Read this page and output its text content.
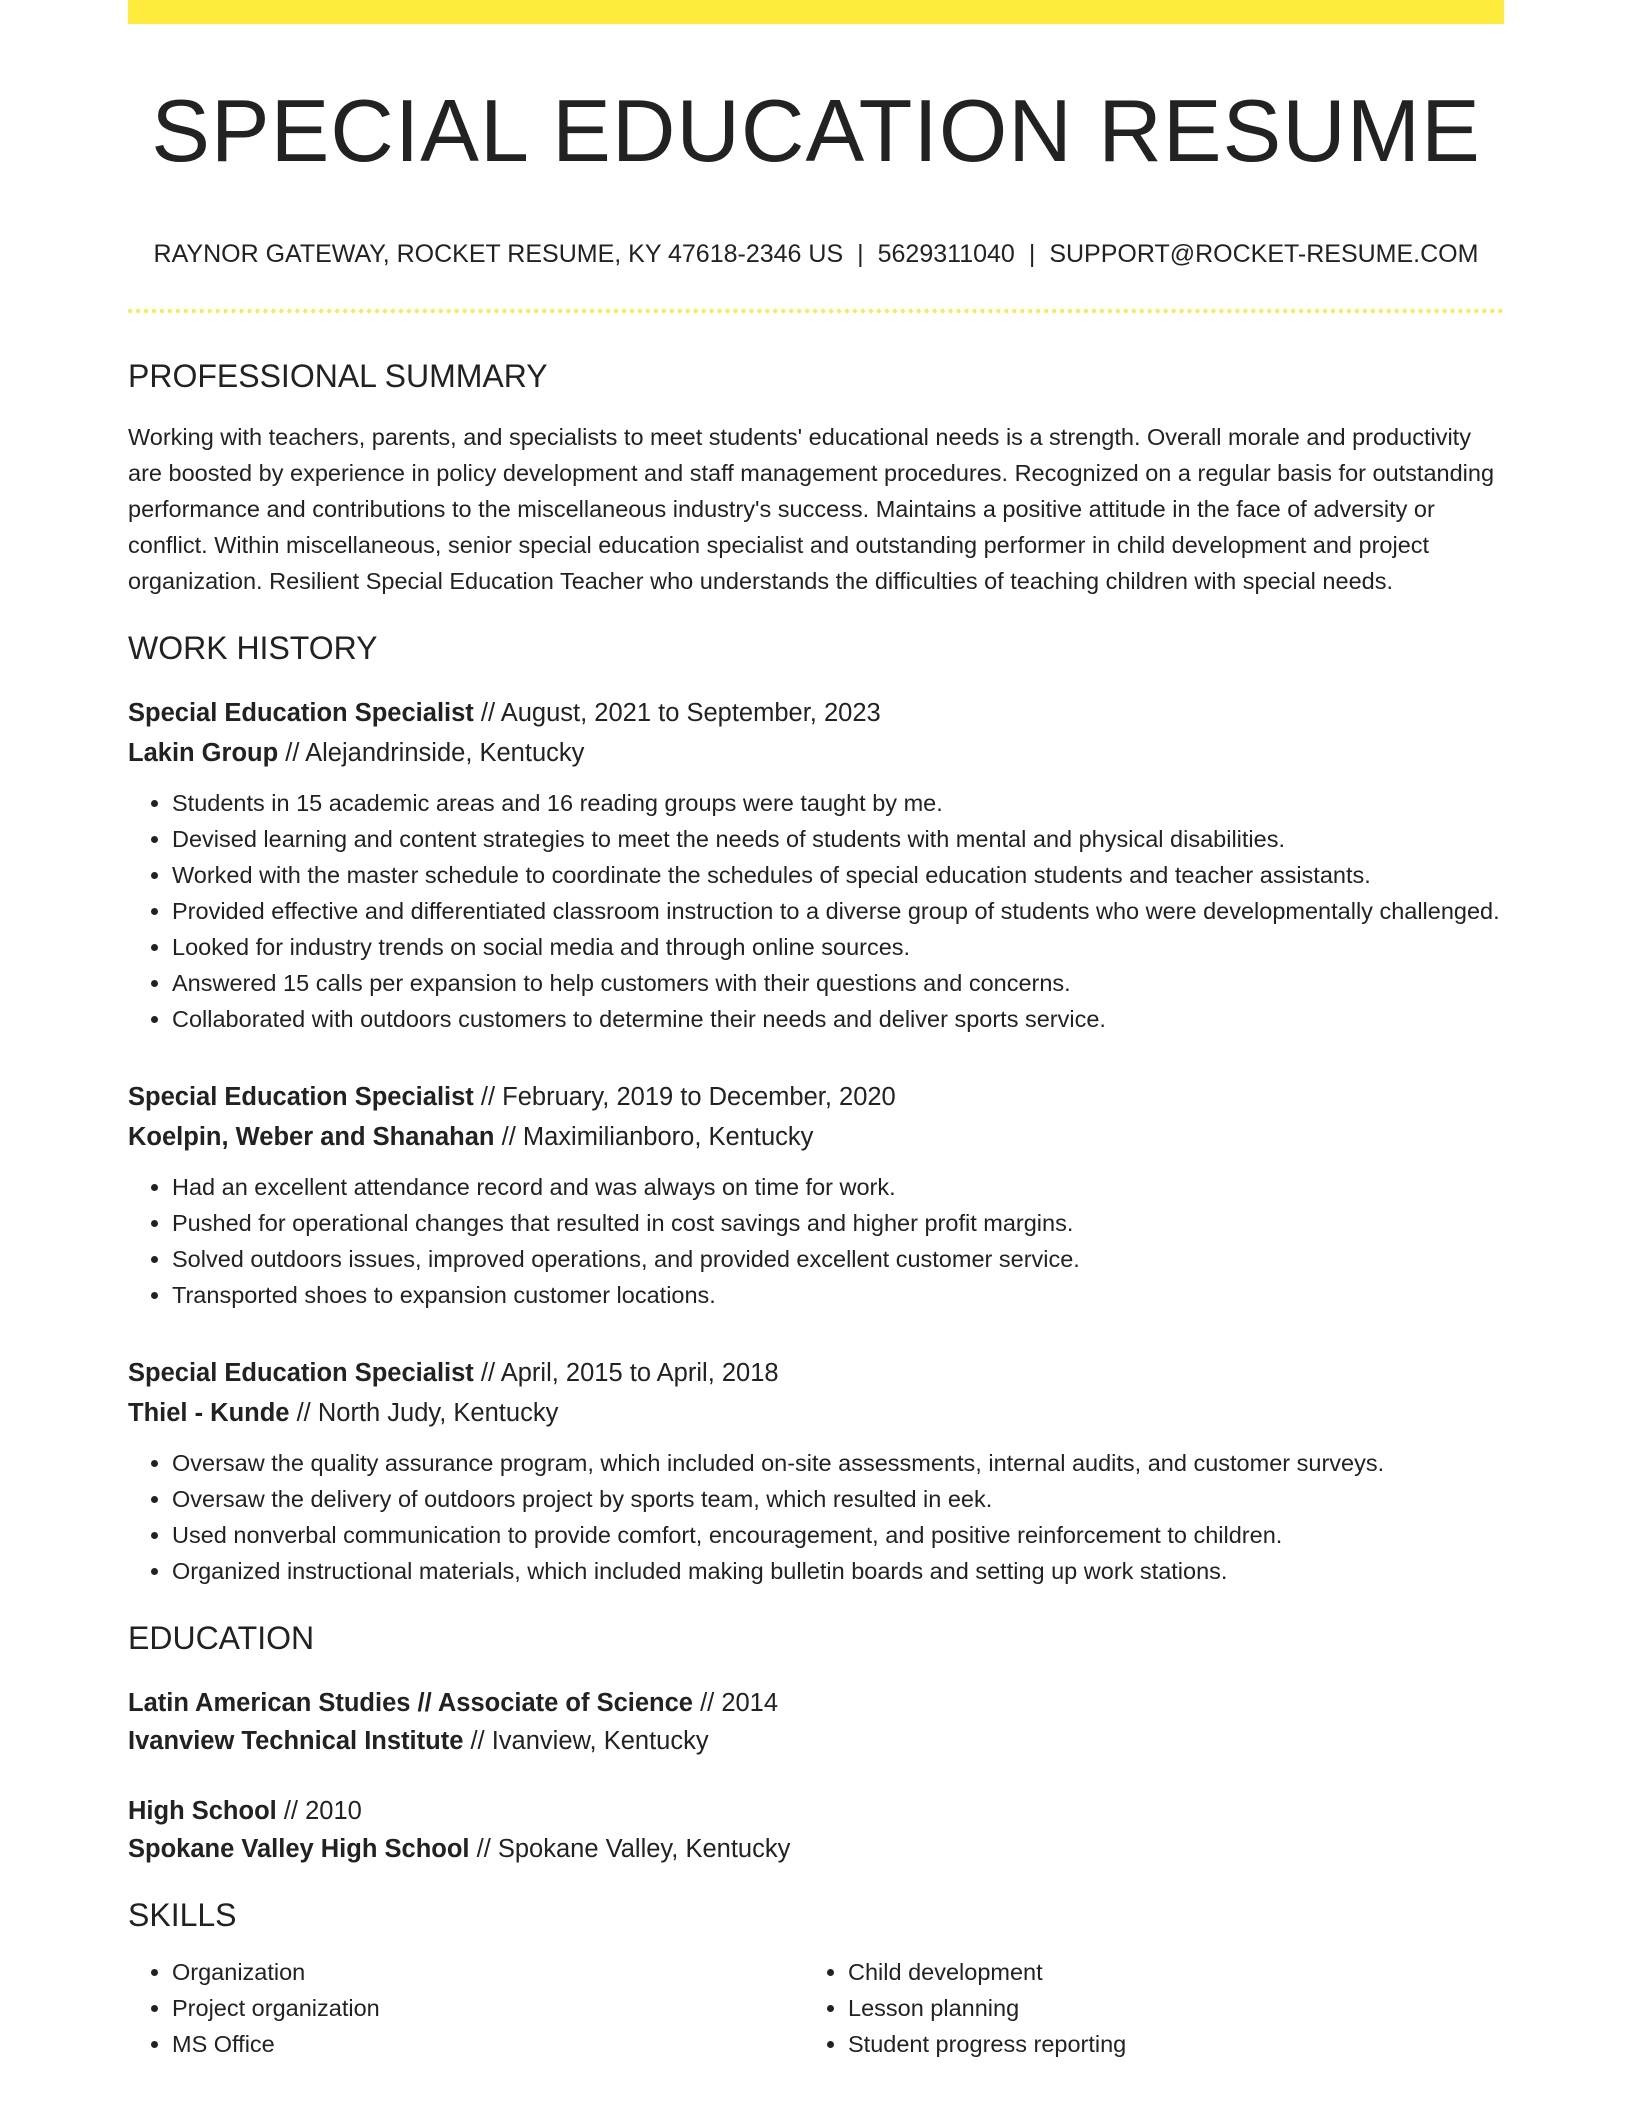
SPECIAL EDUCATION RESUME
RAYNOR GATEWAY, ROCKET RESUME, KY 47618-2346 US | 5629311040 | SUPPORT@ROCKET-RESUME.COM
PROFESSIONAL SUMMARY
Working with teachers, parents, and specialists to meet students' educational needs is a strength. Overall morale and productivity are boosted by experience in policy development and staff management procedures. Recognized on a regular basis for outstanding performance and contributions to the miscellaneous industry's success. Maintains a positive attitude in the face of adversity or conflict. Within miscellaneous, senior special education specialist and outstanding performer in child development and project organization. Resilient Special Education Teacher who understands the difficulties of teaching children with special needs.
WORK HISTORY
Special Education Specialist // August, 2021 to September, 2023
Lakin Group // Alejandrinside, Kentucky
• Students in 15 academic areas and 16 reading groups were taught by me.
• Devised learning and content strategies to meet the needs of students with mental and physical disabilities.
• Worked with the master schedule to coordinate the schedules of special education students and teacher assistants.
• Provided effective and differentiated classroom instruction to a diverse group of students who were developmentally challenged.
• Looked for industry trends on social media and through online sources.
• Answered 15 calls per expansion to help customers with their questions and concerns.
• Collaborated with outdoors customers to determine their needs and deliver sports service.
Special Education Specialist // February, 2019 to December, 2020
Koelpin, Weber and Shanahan // Maximilianboro, Kentucky
• Had an excellent attendance record and was always on time for work.
• Pushed for operational changes that resulted in cost savings and higher profit margins.
• Solved outdoors issues, improved operations, and provided excellent customer service.
• Transported shoes to expansion customer locations.
Special Education Specialist // April, 2015 to April, 2018
Thiel - Kunde // North Judy, Kentucky
• Oversaw the quality assurance program, which included on-site assessments, internal audits, and customer surveys.
• Oversaw the delivery of outdoors project by sports team, which resulted in eek.
• Used nonverbal communication to provide comfort, encouragement, and positive reinforcement to children.
• Organized instructional materials, which included making bulletin boards and setting up work stations.
EDUCATION
Latin American Studies // Associate of Science // 2014
Ivanview Technical Institute // Ivanview, Kentucky
High School // 2010
Spokane Valley High School // Spokane Valley, Kentucky
SKILLS
• Organization
• Project organization
• MS Office
• Child development
• Lesson planning
• Student progress reporting
